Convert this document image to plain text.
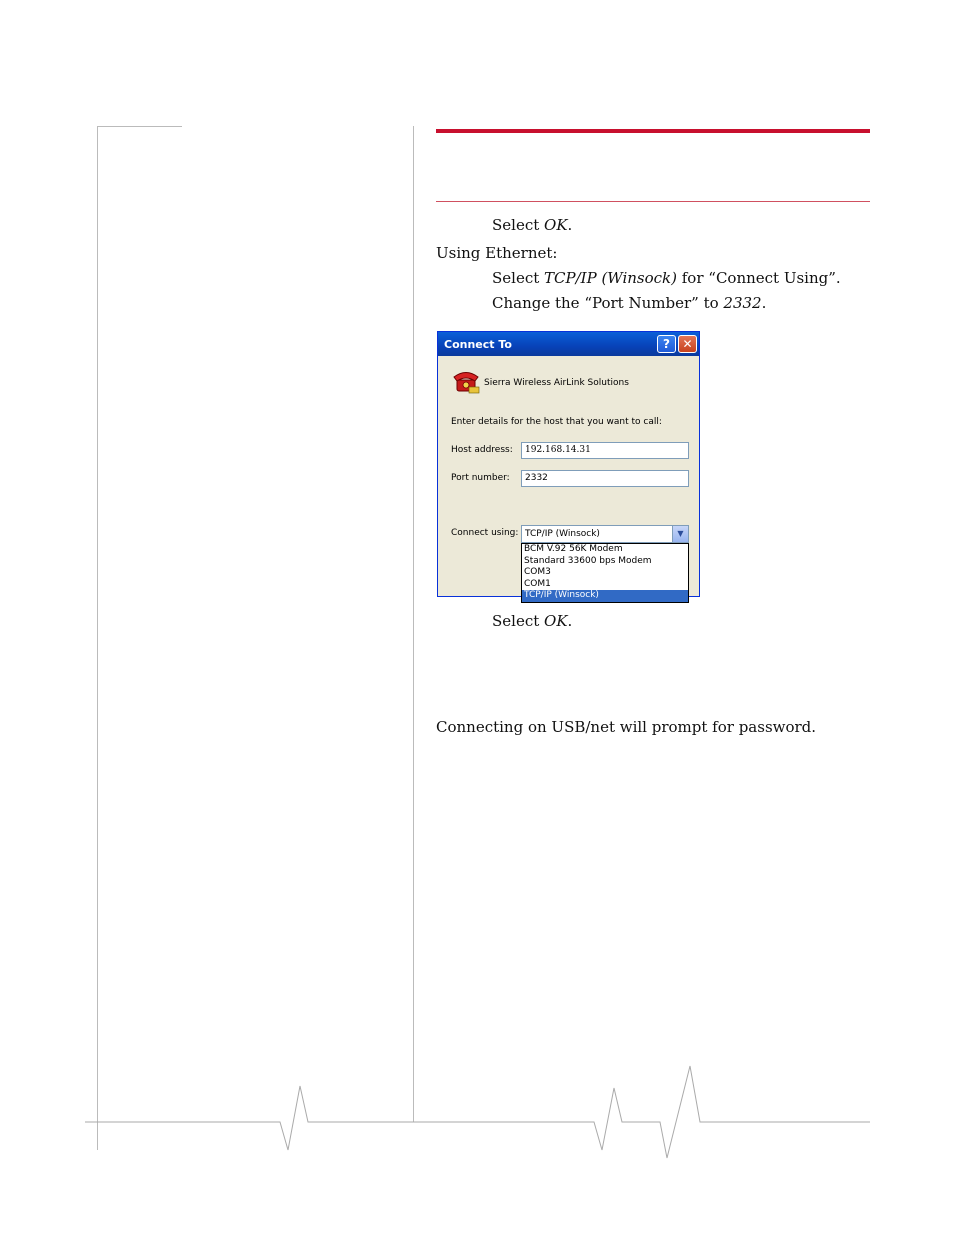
Select OK.
Using Ethernet:
Select TCP/IP (Winsock) for “Connect Using”.
Change the “Port Number” to 2332.
Connect To	?	✕
Sierra Wireless AirLink Solutions
Enter details for the host that you want to call:
Host address:	192.168.14.31
Port number:	2332
Connect using: TCP/IP (Winsock)	▼
BCM V.92 56K Modem
Standard 33600 bps Modem
COM3
COM1
TCP/IP (Winsock)
Select OK.
Connecting on USB/net will prompt for password.
